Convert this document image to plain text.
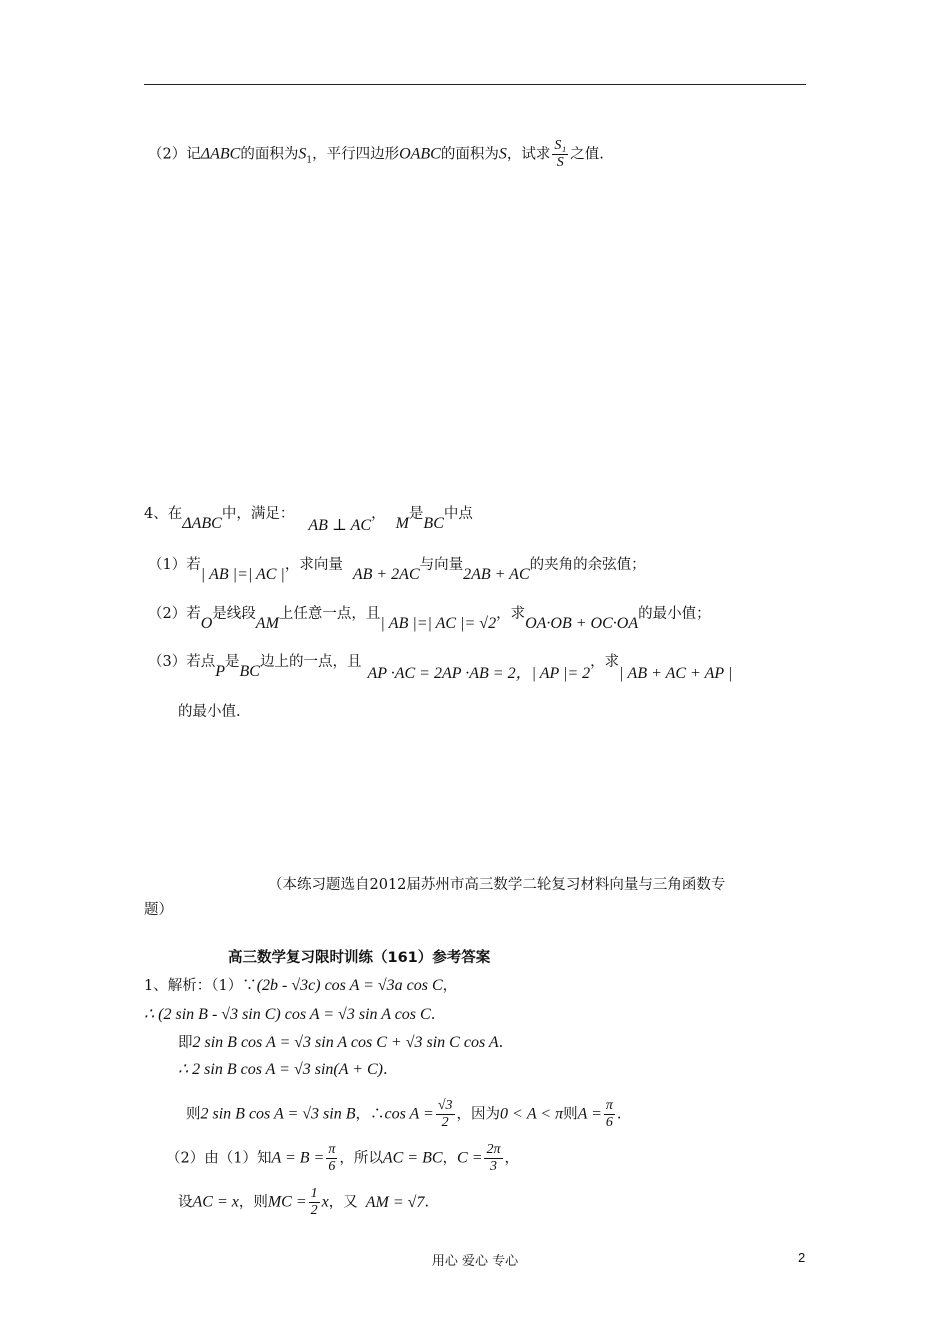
（2）记ΔABC的面积为$S_1$，平行四边形OABC的面积为S，试求 $\frac{\text{S₁}}{S}$ 之值.
4、在ΔABC中，满足：AB ⊥ AC，M是BC中点
（1）若| AB |=| AC |，求向量AB + 2AC与向量2AB + AC的夹角的余弦值；
（2）若O是线段AM上任意一点，且| AB |=| AC |= √2，求OA·OB + OC·OA的最小值；
（3）若点P是BC边上的一点，且AP ·AC = 2AP ·AB = 2，| AP |= 2，求| AB + AC + AP |
的最小值.
（本练习题选自2012届苏州市高三数学二轮复习材料向量与三角函数专
题）
高三数学复习限时训练（161）参考答案
1、解析：（1）∵(2b - √3c) cos A = √3a cos C，
∴ (2 sin B - √3 sin C) cos A = √3 sin A cos C.
即2 sin B cos A = √3 sin A cos C + √3 sin C cos A.
∴ 2 sin B cos A = √3 sin(A + C).
则2 sin B cos A = √3 sin B，∴cos $A = \frac{√3}{2}$ ，因为0 < A < π则$A = \frac{\pi}{6}$ .
（2）由（1）知$A = B = \frac{\pi}{6}$ ，所以AC = BC，$C = \frac{2\pi}{3}$ ，
设AC = x，则MC = $\frac{1}{2}$ x，又 AM = √7.
用心 爱心 专心	2
